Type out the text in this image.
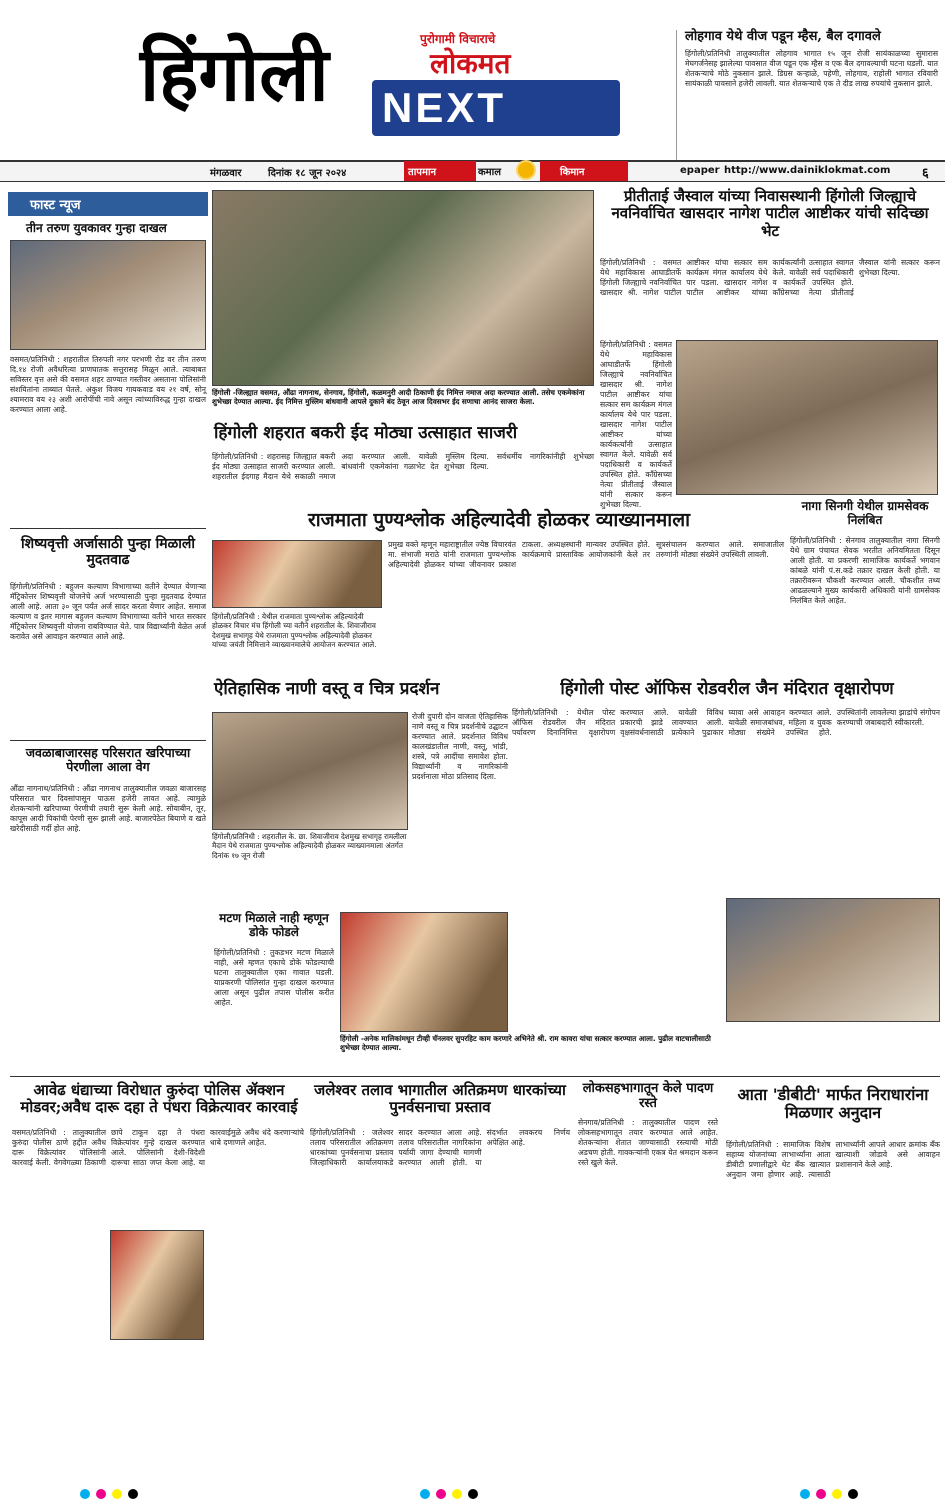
हिंगोली	पुरोगामी विचाराचे
लोकमत
NEXT
लोहगाव येथे वीज पडून म्हैस, बैल दगावले
हिंगोली/प्रतिनिधी तालुक्यातील लोहगाव भागात १५ जून रोजी सायंकाळच्या सुमारास मेघगर्जनेसह झालेल्या पावसात वीज पडून एक म्हैस व एक बैल दगावल्याची घटना घडली. यात शेतकऱ्याचे मोठे नुकसान झाले. डिग्रस कऱ्हाळे, पहेणी, लोहगाव, राहोली भागात रविवारी सायंकाळी पावसाने हजेरी लावली. यात शेतकऱ्याचे एक ते दीड लाख रुपयांचे नुकसान झाले.
मंगळवार	दिनांक १८ जून २०२४	epaper http://www.dainiklokmat.com ६
तापमान	कमाल	किमान
फास्ट न्यूज
तीन तरुण युवकावर गुन्हा दाखल
वसमत/प्रतिनिधी : शहरातील तिरुपती नगर परभणी रोड वर तीन तरुण दि.१४ रोजी अवैधरित्या प्राणघातक सत्तुरासह मिळून आले. त्याबाबत सविस्तर वृत्त असे की वसमत शहर ठाण्यात गस्तीवर असताना पोलिसांनी संशयितांना ताब्यात घेतले. अंकुश विजय गायकवाड वय २१ वर्ष, सोनू श्यामराव वय २३ अशी आरोपींची नावे असून त्यांच्याविरुद्ध गुन्हा दाखल करण्यात आला आहे.
शिष्यवृत्ती अर्जासाठी पुन्हा मिळाली मुदतवाढ
हिंगोली/प्रतिनिधी : बहुजन कल्याण विभागाच्या वतीने देण्यात येणाऱ्या मॅट्रिकोत्तर शिष्यवृत्ती योजनेचे अर्ज भरण्यासाठी पुन्हा मुदतवाढ देण्यात आली आहे. आता ३० जून पर्यंत अर्ज सादर करता येणार आहेत. समाज कल्याण व इतर मागास बहुजन कल्याण विभागाच्या वतीने भारत सरकार मॅट्रिकोत्तर शिष्यवृत्ती योजना राबविण्यात येते. पात्र विद्यार्थ्यांनी वेळेत अर्ज करावेत असे आवाहन करण्यात आले आहे.
जवळाबाजारसह परिसरात खरिपाच्या पेरणीला आला वेग
औंढा नागनाथ/प्रतिनिधी : औंढा नागनाथ तालुक्यातील जवळा बाजारसह परिसरात चार दिवसांपासून पाऊस हजेरी लावत आहे. त्यामुळे शेतकऱ्यांनी खरिपाच्या पेरणीची तयारी सुरू केली आहे. सोयाबीन, तूर, कापूस आदी पिकांची पेरणी सुरू झाली आहे. बाजारपेठेत बियाणे व खते खरेदीसाठी गर्दी होत आहे.
हिंगोली -जिल्ह्यात वसमत, औंढा नागनाथ, सेनगाव, हिंगोली, कळमनुरी आदी ठिकाणी ईद निमित्त नमाज अदा करण्यात आली. तसेच एकमेकांना शुभेच्छा देण्यात आल्या. ईद निमित्त मुस्लिम बांधवानी आपले दुकाने बंद ठेवून आज दिवसभर ईद सणाचा आनंद साजरा केला.
हिंगोली शहरात बकरी ईद मोठ्या उत्साहात साजरी
हिंगोली/प्रतिनिधी : शहरासह जिल्ह्यात बकरी ईद मोठ्या उत्साहात साजरी करण्यात आली. शहरातील ईदगाह मैदान येथे सकाळी नमाज अदा करण्यात आली. यावेळी मुस्लिम बांधवांनी एकमेकांना गळाभेट देत शुभेच्छा दिल्या. सर्वधर्मीय नागरिकांनीही शुभेच्छा दिल्या.
प्रीतीताई जैस्वाल यांच्या निवासस्थानी हिंगोली जिल्ह्याचे नवनिर्वाचित खासदार नागेश पाटील आष्टीकर यांची सदिच्छा भेट
हिंगोली/प्रतिनिधी : वसमत येथे महाविकास आघाडीतर्फे हिंगोली जिल्ह्याचे नवनिर्वाचित खासदार श्री. नागेश पाटील आष्टीकर यांचा सत्कार सम कार्यक्रम मंगल कार्यालय येथे पार पडला. खासदार नागेश पाटील आष्टीकर यांच्या कार्यकर्त्यांनी उत्साहात स्वागत केले. यावेळी सर्व पदाधिकारी व कार्यकर्ते उपस्थित होते. काँग्रेसच्या नेत्या प्रीतीताई जैस्वाल यांनी सत्कार करून शुभेच्छा दिल्या.
हिंगोली/प्रतिनिधी : वसमत येथे महाविकास आघाडीतर्फे हिंगोली जिल्ह्याचे नवनिर्वाचित खासदार श्री. नागेश पाटील आष्टीकर यांचा सत्कार सम कार्यक्रम मंगल कार्यालय येथे पार पडला. खासदार नागेश पाटील आष्टीकर यांच्या कार्यकर्त्यांनी उत्साहात स्वागत केले. यावेळी सर्व पदाधिकारी व कार्यकर्ते उपस्थित होते. काँग्रेसच्या नेत्या प्रीतीताई जैस्वाल यांनी सत्कार करून शुभेच्छा दिल्या.	नागा सिनगी येथील ग्रामसेवक निलंबित
हिंगोली/प्रतिनिधी : सेनगाव तालुक्यातील नागा सिनगी येथे ग्राम पंचायत सेवक भरतीत अनियमितता दिसून आली होती. या प्रकरणी सामाजिक कार्यकर्ते भगवान कांबळे यांनी पं.स.कडे तक्रार दाखल केली होती. या तक्रारीवरून चौकशी करण्यात आली. चौकशीत तथ्य आढळल्याने मुख्य कार्यकारी अधिकारी यांनी ग्रामसेवक निलंबित केले आहेत.
राजमाता पुण्यश्लोक अहिल्यादेवी होळकर व्याख्यानमाला
हिंगोली/प्रतिनिधी : येथील राजमाता पुण्यश्लोक अहिल्यादेवी होळकर विचार मंच हिंगोली च्या वतीने शहरातील के. शिवाजीराव देशमुख सभागृह येथे राजमाता पुण्यश्लोक अहिल्यादेवी होळकर यांच्या जयंती निमित्ताने व्याख्यानमालेचे आयोजन करण्यात आले.
प्रमुख वक्ते म्हणून महाराष्ट्रातील ज्येष्ठ विचारवंत मा. संभाजी मराठे यांनी राजमाता पुण्यश्लोक अहिल्यादेवी होळकर यांच्या जीवनावर प्रकाश टाकला. अध्यक्षस्थानी मान्यवर उपस्थित होते. कार्यक्रमाचे प्रास्ताविक आयोजकांनी केले तर सूत्रसंचालन करण्यात आले. समाजातील तरुणांनी मोठ्या संख्येने उपस्थिती लावली.
ऐतिहासिक नाणी वस्तू व चित्र प्रदर्शन
हिंगोली/प्रतिनिधी : शहरातील के. छा. शिवाजीराव देशमुख सभागृह रामलीला मैदान येथे राजमाता पुण्यश्लोक अहिल्यादेवी होळकर व्याख्यानमाला अंतर्गत दिनांक १७ जून रोजी
रोजी दुपारी दोन वाजता ऐतिहासिक नाणे वस्तू व चित्र प्रदर्शनीचे उद्घाटन करण्यात आले. प्रदर्शनात विविध कालखंडातील नाणी, वस्तू, भांडी, शस्त्रे, पत्रे आदींचा समावेश होता. विद्यार्थ्यांनी व नागरिकांनी प्रदर्शनाला मोठा प्रतिसाद दिला.
हिंगोली पोस्ट ऑफिस रोडवरील जैन मंदिरात वृक्षारोपण
हिंगोली/प्रतिनिधी : येथील पोस्ट ऑफिस रोडवरील जैन मंदिरात पर्यावरण दिनानिमित्त वृक्षारोपण करण्यात आले. यावेळी विविध प्रकारची झाडे लावण्यात आली. वृक्षसंवर्धनासाठी प्रत्येकाने पुढाकार घ्यावा असे आवाहन करण्यात आले. यावेळी समाजबांधव, महिला व युवक मोठ्या संख्येने उपस्थित होते. उपस्थितांनी लावलेल्या झाडांचे संगोपन करण्याची जबाबदारी स्वीकारली.
मटण मिळाले नाही म्हणून डोके फोडले
हिंगोली/प्रतिनिधी : तुकडभर मटण मिळाले नाही, असे म्हणत एकाचे डोके फोडल्याची घटना तालुक्यातील एका गावात घडली. याप्रकरणी पोलिसांत गुन्हा दाखल करण्यात आला असून पुढील तपास पोलीस करीत आहेत.
हिंगोली -अनेक मालिकांमधून टीव्ही चॅनलवर सुपरहिट काम करणारे अभिनेते श्री. राम कावरा यांचा सत्कार करण्यात आला. पुढील वाटचालीसाठी शुभेच्छा देण्यात आल्या.
आवेढ धंद्याच्या विरोधात कुरुंदा पोलिस ॲक्शन मोडवर;अवैध दारू दहा ते पंधरा विक्रेत्यावर कारवाई
वसमत/प्रतिनिधी : तालुक्यातील कुरुंदा पोलीस ठाणे हद्दीत अवैध दारू विक्रेत्यांवर पोलिसांनी कारवाई केली. वेगवेगळ्या ठिकाणी छापे टाकून दहा ते पंधरा विक्रेत्यांवर गुन्हे दाखल करण्यात आले. पोलिसांनी देशी-विदेशी दारूचा साठा जप्त केला आहे. या कारवाईमुळे अवैध धंदे करणाऱ्यांचे धाबे दणाणले आहेत.
जलेश्वर तलाव भागातील अतिक्रमण धारकांच्या पुनर्वसनाचा प्रस्ताव
हिंगोली/प्रतिनिधी : जलेश्वर तलाव परिसरातील अतिक्रमण धारकांच्या पुनर्वसनाचा प्रस्ताव जिल्हाधिकारी कार्यालयाकडे सादर करण्यात आला आहे. तलाव परिसरातील नागरिकांना पर्यायी जागा देण्याची मागणी करण्यात आली होती. या संदर्भात लवकरच निर्णय अपेक्षित आहे.
लोकसहभागातून केले पादण रस्ते
सेनगाव/प्रतिनिधी : तालुक्यातील पादण रस्ते लोकसहभागातून तयार करण्यात आले आहेत. शेतकऱ्यांना शेतात जाण्यासाठी रस्त्याची मोठी अडचण होती. गावकऱ्यांनी एकत्र येत श्रमदान करून रस्ते खुले केले.
आता 'डीबीटी' मार्फत निराधारांना मिळणार अनुदान
हिंगोली/प्रतिनिधी : सामाजिक विशेष सहाय्य योजनांच्या लाभार्थ्यांना आता डीबीटी प्रणालीद्वारे थेट बँक खात्यात अनुदान जमा होणार आहे. त्यासाठी लाभार्थ्यांनी आपले आधार क्रमांक बँक खात्याशी जोडावे असे आवाहन प्रशासनाने केले आहे.
